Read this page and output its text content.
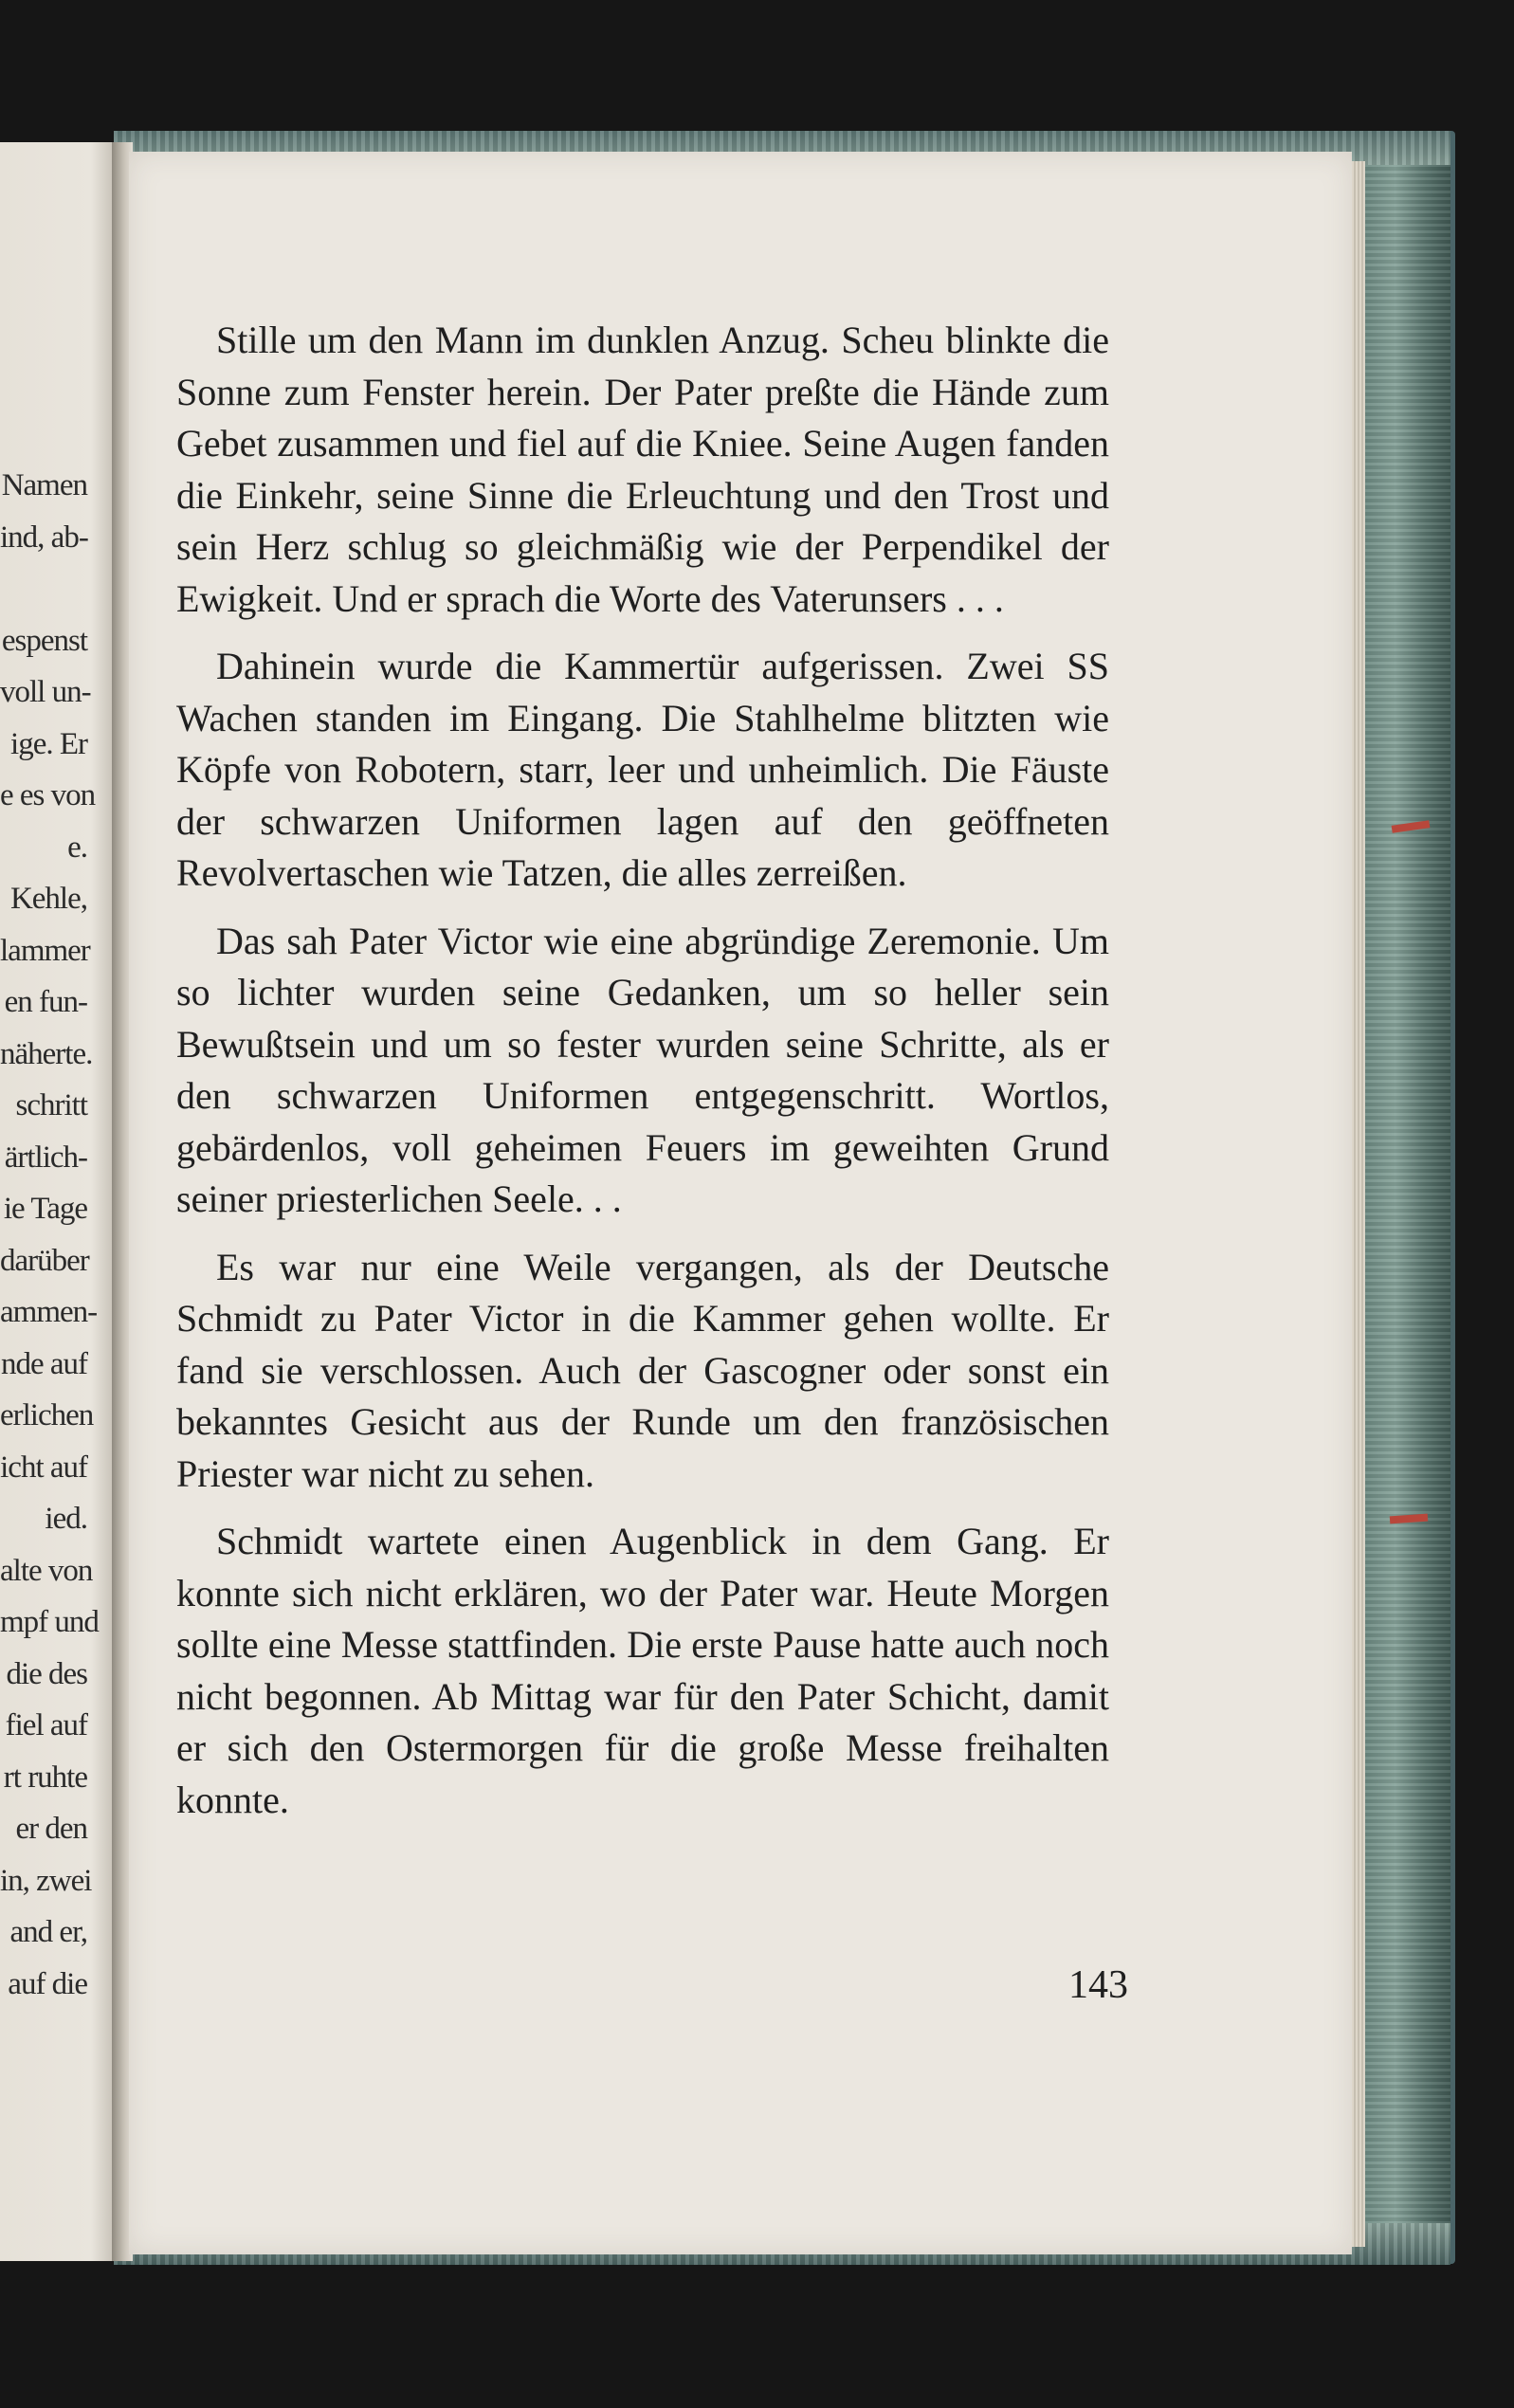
Namen
ind, ab-
espenst
voll un-
ige. Er
e es von
e.
Kehle,
lammer
en fun-
näherte.
schritt
ärtlich-
ie Tage
darüber
ammen-
nde auf
erlichen
icht auf
ied.
alte von
mpf und
die des
fiel auf
rt ruhte
er den
in, zwei
and er,
auf die

Stille um den Mann im dunklen Anzug. Scheu blinkte die Sonne zum Fenster herein. Der Pater preßte die Hände zum Gebet zusammen und fiel auf die Kniee. Seine Augen fanden die Einkehr, seine Sinne die Erleuchtung und den Trost und sein Herz schlug so gleichmäßig wie der Perpendikel der Ewigkeit. Und er sprach die Worte des Vaterunsers . . .

Dahinein wurde die Kammertür aufgerissen. Zwei SS Wachen standen im Eingang. Die Stahlhelme blitzten wie Köpfe von Robotern, starr, leer und unheimlich. Die Fäuste der schwarzen Uniformen lagen auf den geöffneten Revolvertaschen wie Tatzen, die alles zerreißen.

Das sah Pater Victor wie eine abgründige Zeremonie. Um so lichter wurden seine Gedanken, um so heller sein Bewußtsein und um so fester wurden seine Schritte, als er den schwarzen Uniformen entgegenschritt. Wortlos, gebärdenlos, voll geheimen Feuers im geweihten Grund seiner priesterlichen Seele. . .

Es war nur eine Weile vergangen, als der Deutsche Schmidt zu Pater Victor in die Kammer gehen wollte. Er fand sie verschlossen. Auch der Gascogner oder sonst ein bekanntes Gesicht aus der Runde um den französischen Priester war nicht zu sehen.

Schmidt wartete einen Augenblick in dem Gang. Er konnte sich nicht erklären, wo der Pater war. Heute Morgen sollte eine Messe stattfinden. Die erste Pause hatte auch noch nicht begonnen. Ab Mittag war für den Pater Schicht, damit er sich den Ostermorgen für die große Messe freihalten konnte.

143
